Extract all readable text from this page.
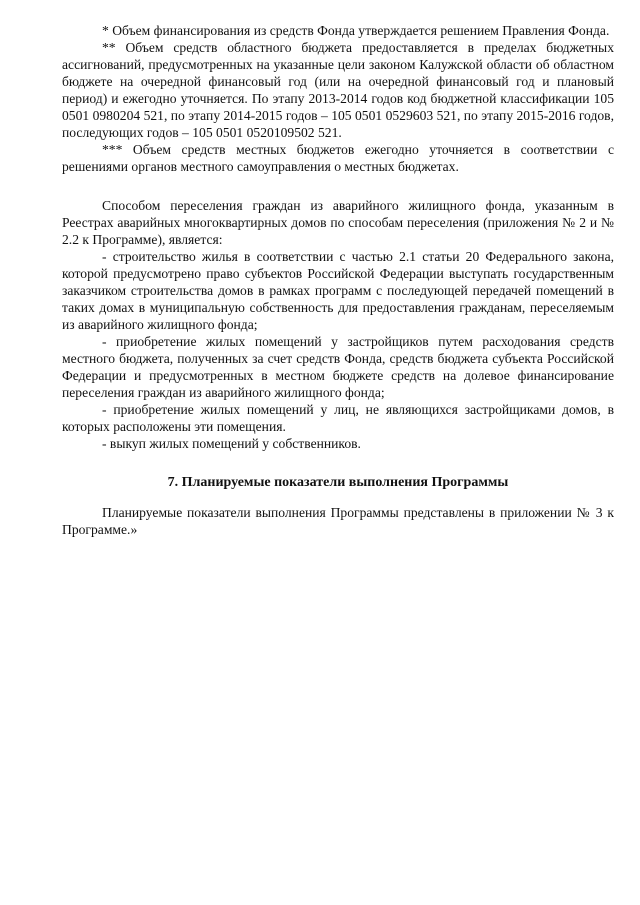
* Объем финансирования из средств Фонда утверждается решением Правления Фонда.

** Объем средств областного бюджета предоставляется в пределах бюджетных ассигнований, предусмотренных на указанные цели законом Калужской области об областном бюджете на очередной финансовый год (или на очередной финансовый год и плановый период) и ежегодно уточняется. По этапу 2013-2014 годов код бюджетной классификации 105 0501 0980204 521, по этапу 2014-2015 годов – 105 0501 0529603 521, по этапу 2015-2016 годов, последующих годов – 105 0501 0520109502 521.

*** Объем средств местных бюджетов ежегодно уточняется в соответствии с решениями органов местного самоуправления о местных бюджетах.

Способом переселения граждан из аварийного жилищного фонда, указанным в Реестрах аварийных многоквартирных домов по способам переселения (приложения № 2 и № 2.2 к Программе), является:

- строительство жилья в соответствии с частью 2.1 статьи 20 Федерального закона, которой предусмотрено право субъектов Российской Федерации выступать государственным заказчиком строительства домов в рамках программ с последующей передачей помещений в таких домах в муниципальную собственность для предоставления гражданам, переселяемым из аварийного жилищного фонда;

- приобретение жилых помещений у застройщиков путем расходования средств местного бюджета, полученных за счет средств Фонда, средств бюджета субъекта Российской Федерации и предусмотренных в местном бюджете средств на долевое финансирование переселения граждан из аварийного жилищного фонда;

- приобретение жилых помещений у лиц, не являющихся застройщиками домов, в которых расположены эти помещения.

- выкуп жилых помещений у собственников.

7. Планируемые показатели выполнения Программы

Планируемые показатели выполнения Программы представлены в приложении № 3 к Программе.»
